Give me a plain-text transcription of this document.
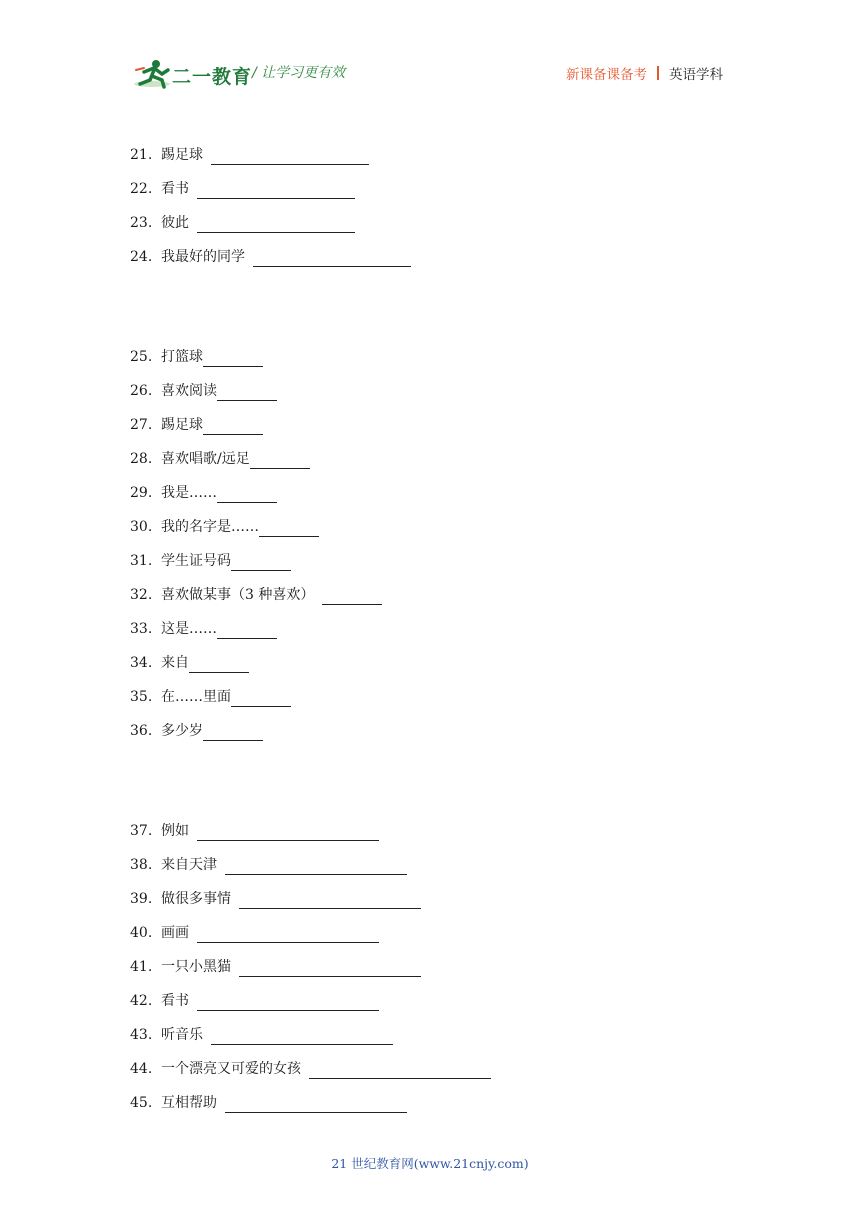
二一教育 / 让学习更有效	新课备课备考 英语学科
21. 踢足球
22. 看书
23. 彼此
24. 我最好的同学
25. 打篮球
26. 喜欢阅读
27. 踢足球
28. 喜欢唱歌/远足
29. 我是……
30. 我的名字是……
31. 学生证号码
32. 喜欢做某事（3 种喜欢）
33. 这是……
34. 来自
35. 在……里面
36. 多少岁
37. 例如
38. 来自天津
39. 做很多事情
40. 画画
41. 一只小黑猫
42. 看书
43. 听音乐
44. 一个漂亮又可爱的女孩
45. 互相帮助
21 世纪教育网(www.21cnjy.com)
